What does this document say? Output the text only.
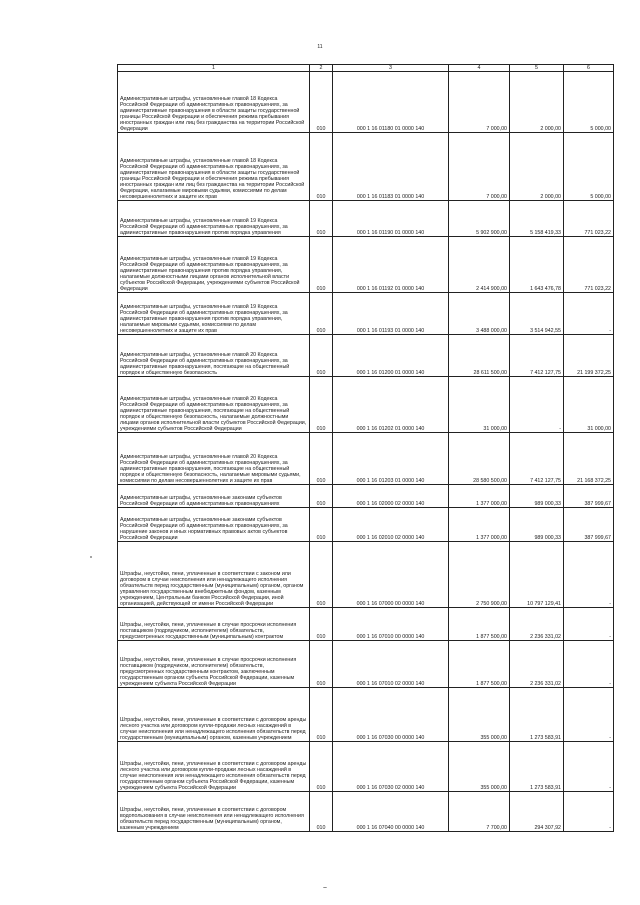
11
1	2	3	4	5	6
Административные штрафы, установленные главой 18 Кодекса Российской Федерации об административных правонарушениях, за административные правонарушения в области защиты государственной границы Российской Федерации и обеспечения режима пребывания иностранных граждан или лиц без гражданства на территории Российской Федерации	010	000 1 16 01180 01 0000 140	7 000,00	2 000,00	5 000,00
Административные штрафы, установленные главой 18 Кодекса Российской Федерации об административных правонарушениях, за административные правонарушения в области защиты государственной границы Российской Федерации и обеспечения режима пребывания иностранных граждан или лиц без гражданства на территории Российской Федерации, налагаемые мировыми судьями, комиссиями по делам несовершеннолетних и защите их прав	010	000 1 16 01183 01 0000 140	7 000,00	2 000,00	5 000,00
Административные штрафы, установленные главой 19 Кодекса Российской Федерации об административных правонарушениях, за административные правонарушения против порядка управления	010	000 1 16 01190 01 0000 140	5 902 900,00	5 158 419,33	771 023,22
Административные штрафы, установленные главой 19 Кодекса Российской Федерации об административных правонарушениях, за административные правонарушения против порядка управления, налагаемые должностными лицами органов исполнительной власти субъектов Российской Федерации, учреждениями субъектов Российской Федерации	010	000 1 16 01192 01 0000 140	2 414 900,00	1 643 476,78	771 023,22
Административные штрафы, установленные главой 19 Кодекса Российской Федерации об административных правонарушениях, за административные правонарушения против порядка управления, налагаемые мировыми судьями, комиссиями по делам несовершеннолетних и защите их прав	010	000 1 16 01193 01 0000 140	3 488 000,00	3 514 942,55	-
Административные штрафы, установленные главой 20 Кодекса Российской Федерации об административных правонарушениях, за административные правонарушения, посягающие на общественный порядок и общественную безопасность	010	000 1 16 01200 01 0000 140	28 611 500,00	7 412 127,75	21 199 372,25
Административные штрафы, установленные главой 20 Кодекса Российской Федерации об административных правонарушениях, за административные правонарушения, посягающие на общественный порядок и общественную безопасность, налагаемые должностными лицами органов исполнительной власти субъектов Российской Федерации, учреждениями субъектов Российской Федерации	010	000 1 16 01202 01 0000 140	31 000,00	-	31 000,00
Административные штрафы, установленные главой 20 Кодекса Российской Федерации об административных правонарушениях, за административные правонарушения, посягающие на общественный порядок и общественную безопасность, налагаемые мировыми судьями, комиссиями по делам несовершеннолетних и защите их прав	010	000 1 16 01203 01 0000 140	28 580 500,00	7 412 127,75	21 168 372,25
Административные штрафы, установленные законами субъектов Российской Федерации об административных правонарушениях	010	000 1 16 02000 02 0000 140	1 377 000,00	989 000,33	387 999,67
Административные штрафы, установленные законами субъектов Российской Федерации об административных правонарушениях, за нарушение законов и иных нормативных правовых актов субъектов Российской Федерации	010	000 1 16 02010 02 0000 140	1 377 000,00	989 000,33	387 999,67
Штрафы, неустойки, пени, уплаченные в соответствии с законом или договором в случае неисполнения или ненадлежащего исполнения обязательств перед государственным (муниципальным) органом, органом управления государственным внебюджетным фондом, казенным учреждением, Центральным банком Российской Федерации, иной организацией, действующей от имени Российской Федерации	010	000 1 16 07000 00 0000 140	2 750 900,00	10 797 129,41	-
Штрафы, неустойки, пени, уплаченные в случае просрочки исполнения поставщиком (подрядчиком, исполнителем) обязательств, предусмотренных государственным (муниципальным) контрактом	010	000 1 16 07010 00 0000 140	1 877 500,00	2 236 331,02	-
Штрафы, неустойки, пени, уплаченные в случае просрочки исполнения поставщиком (подрядчиком, исполнителем) обязательств, предусмотренных государственным контрактом, заключенным государственным органом субъекта Российской Федерации, казенным учреждением субъекта Российской Федерации	010	000 1 16 07010 02 0000 140	1 877 500,00	2 236 331,02	-
Штрафы, неустойки, пени, уплаченные в соответствии с договором аренды лесного участка или договором купли-продажи лесных насаждений в случае неисполнения или ненадлежащего исполнения обязательств перед государственным (муниципальным) органом, казенным учреждением	010	000 1 16 07030 00 0000 140	355 000,00	1 273 583,91	-
Штрафы, неустойки, пени, уплаченные в соответствии с договором аренды лесного участка или договором купли-продажи лесных насаждений в случае неисполнения или ненадлежащего исполнения обязательств перед государственным органом субъекта Российской Федерации, казенным учреждением субъекта Российской Федерации	010	000 1 16 07030 02 0000 140	355 000,00	1 273 583,91	-
Штрафы, неустойки, пени, уплаченные в соответствии с договором водопользования в случае неисполнения или ненадлежащего исполнения обязательств перед государственным (муниципальным) органом, казенным учреждением	010	000 1 16 07040 00 0000 140	7 700,00	294 307,92	-
